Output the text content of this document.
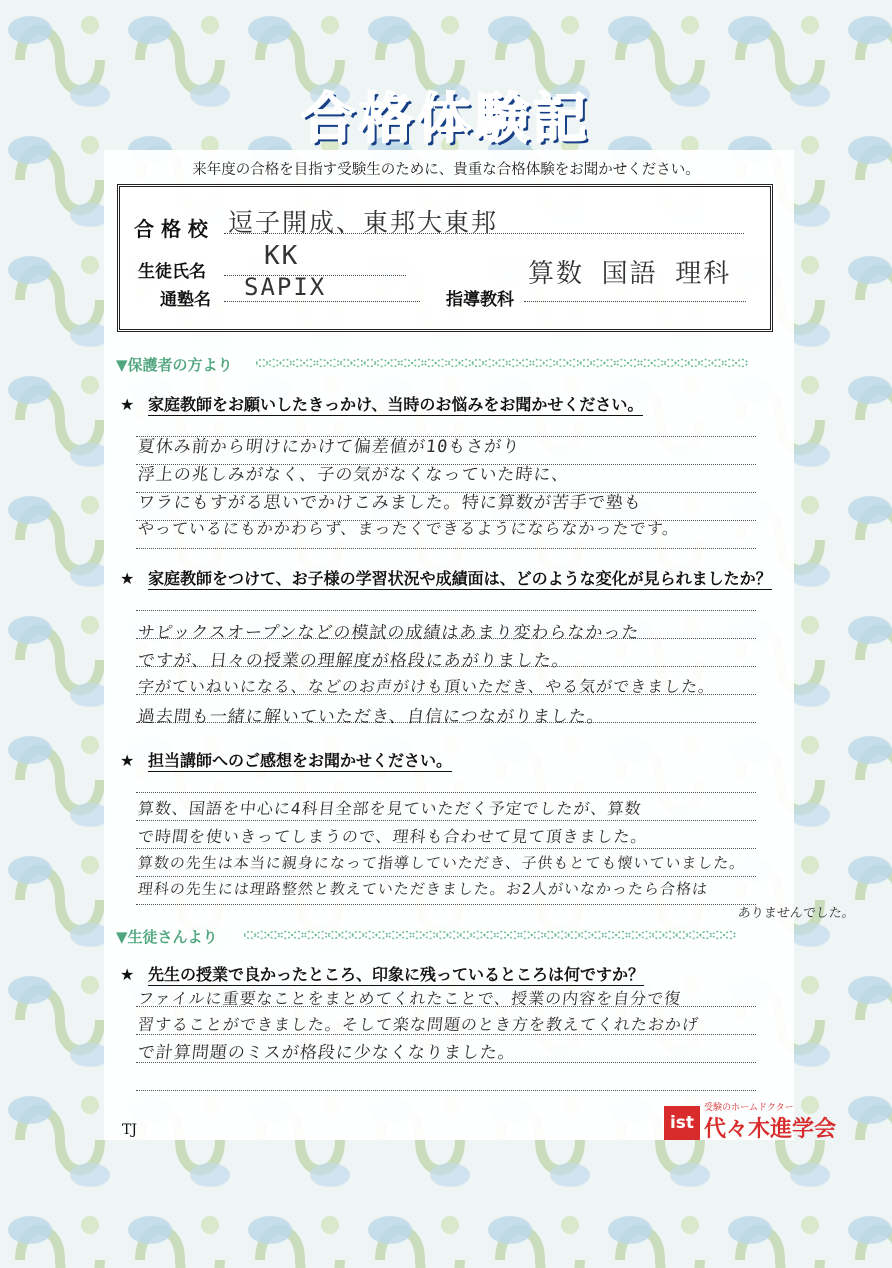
合格体験記
来年度の合格を目指す受験生のために、貴重な合格体験をお聞かせください。
合 格 校 逗子開成、東邦大東邦
生徒氏名
KK
通塾名 SAPIX	指導教科
算数 国語 理科
▼保護者の方より
★ 家庭教師をお願いしたきっかけ、当時のお悩みをお聞かせください。
夏休み前から明けにかけて偏差値が10もさがり
浮上の兆しみがなく、子の気がなくなっていた時に、
ワラにもすがる思いでかけこみました。特に算数が苦手で塾も
やっているにもかかわらず、まったくできるようにならなかったです。
★ 家庭教師をつけて、お子様の学習状況や成績面は、どのような変化が見られましたか？
サピックスオープンなどの模試の成績はあまり変わらなかった
ですが、日々の授業の理解度が格段にあがりました。
字がていねいになる、などのお声がけも頂いただき、やる気ができました。
過去問も一緒に解いていただき、自信につながりました。
★ 担当講師へのご感想をお聞かせください。
算数、国語を中心に4科目全部を見ていただく予定でしたが、算数
で時間を使いきってしまうので、理科も合わせて見て頂きました。
算数の先生は本当に親身になって指導していただき、子供もとても懐いていました。
理科の先生には理路整然と教えていただきました。お2人がいなかったら合格は
ありませんでした。
▼生徒さんより
★ 先生の授業で良かったところ、印象に残っているところは何ですか？
ファイルに重要なことをまとめてくれたことで、授業の内容を自分で復
習することができました。そして楽な問題のとき方を教えてくれたおかげ
で計算問題のミスが格段に少なくなりました。
TJ	ist
受験のホームドクター
代々木進学会
